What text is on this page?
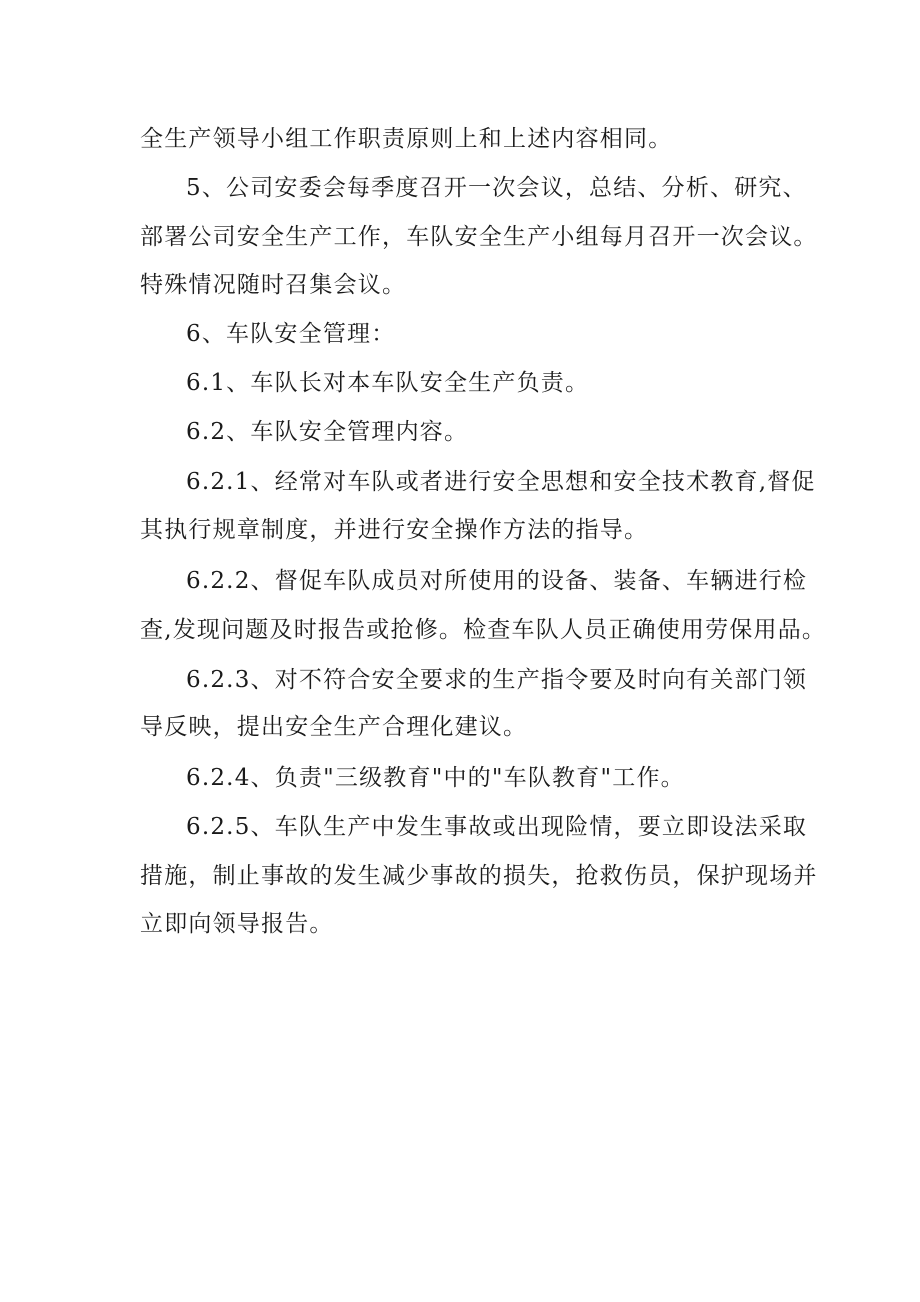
全生产领导小组工作职责原则上和上述内容相同。
5、公司安委会每季度召开一次会议，总结、分析、研究、
部署公司安全生产工作，车队安全生产小组每月召开一次会议。
特殊情况随时召集会议。
6、车队安全管理：
6.1、车队长对本车队安全生产负责。
6.2、车队安全管理内容。
6.2.1、经常对车队或者进行安全思想和安全技术教育,督促
其执行规章制度，并进行安全操作方法的指导。
6.2.2、督促车队成员对所使用的设备、装备、车辆进行检
查,发现问题及时报告或抢修。检查车队人员正确使用劳保用品。
6.2.3、对不符合安全要求的生产指令要及时向有关部门领
导反映，提出安全生产合理化建议。
6.2.4、负责"三级教育"中的"车队教育"工作。
6.2.5、车队生产中发生事故或出现险情，要立即设法采取
措施，制止事故的发生减少事故的损失，抢救伤员，保护现场并
立即向领导报告。
